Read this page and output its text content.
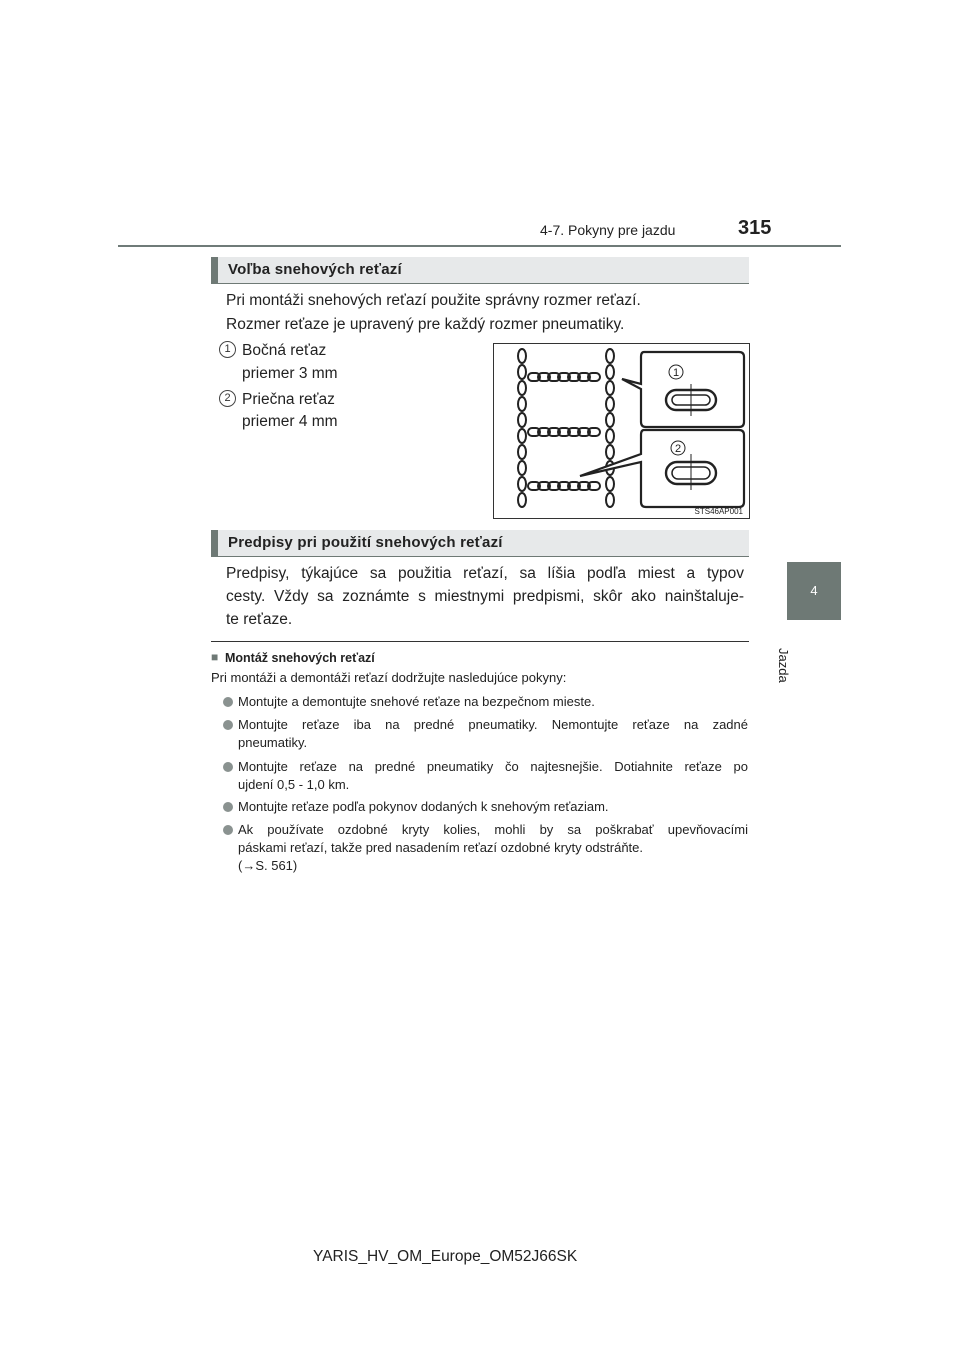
4-7. Pokyny pre jazdu	315
4
Jazda
Voľba snehových reťazí
Pri montáži snehových reťazí použite správny rozmer reťazí.
Rozmer reťaze je upravený pre každý rozmer pneumatiky.
1 Bočná reťaz
priemer 3 mm
2 Priečna reťaz
priemer 4 mm
1
2
STS46AP001
Predpisy pri použití snehových reťazí
Predpisy, týkajúce sa použitia reťazí, sa líšia podľa miest a typov
cesty. Vždy sa zoznámte s miestnymi predpismi, skôr ako nainštaluje-
te reťaze.
■ Montáž snehových reťazí
Pri montáži a demontáži reťazí dodržujte nasledujúce pokyny:
Montujte a demontujte snehové reťaze na bezpečnom mieste.
Montujte reťaze iba na predné pneumatiky. Nemontujte reťaze na zadné
pneumatiky.
Montujte reťaze na predné pneumatiky čo najtesnejšie. Dotiahnite reťaze po
ujdení 0,5 - 1,0 km.
Montujte reťaze podľa pokynov dodaných k snehovým reťaziam.
Ak používate ozdobné kryty kolies, mohli by sa poškrabať upevňovacími
páskami reťazí, takže pred nasadením reťazí ozdobné kryty odstráňte.
(→S. 561)
YARIS_HV_OM_Europe_OM52J66SK
